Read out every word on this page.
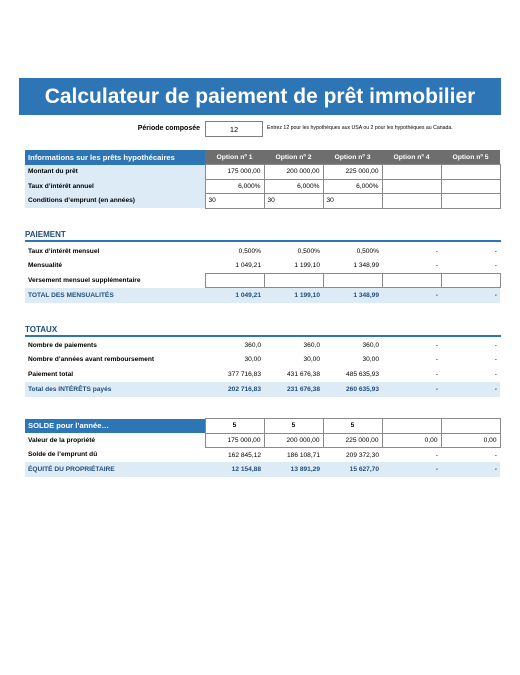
Calculateur de paiement de prêt immobilier
Période composée
12	Entrez 12 pour les hypothèques aux USA ou 2 pour les hypothèques au Canada.
Informations sur les prêts hypothécaires	Option nº 1	Option nº 2	Option nº 3	Option nº 4	Option nº 5
Montant du prêt	175 000,00	200 000,00	225 000,00		
Taux d’intérêt annuel	6,000%	6,000%	6,000%		
Conditions d’emprunt (en années)	30	30	30		
PAIEMENT
Taux d’intérêt mensuel	0,500%	0,500%	0,500%	-	-
Mensualité	1 049,21	1 199,10	1 348,99	-	-
Versement mensuel supplémentaire					
TOTAL DES MENSUALITÉS	1 049,21	1 199,10	1 348,99	-	-
TOTAUX
Nombre de paiements	360,0	360,0	360,0	-	-
Nombre d’années avant remboursement	30,00	30,00	30,00	-	-
Paiement total	377 716,83	431 676,38	485 635,93	-	-
Total des INTÉRÊTS payés	202 716,83	231 676,38	260 635,93	-	-
SOLDE pour l’année…	5	5	5		
Valeur de la propriété	175 000,00	200 000,00	225 000,00	0,00	0,00
Solde de l’emprunt dû	162 845,12	186 108,71	209 372,30	-	-
ÉQUITÉ DU PROPRIÉTAIRE	12 154,88	13 891,29	15 627,70	-	-
